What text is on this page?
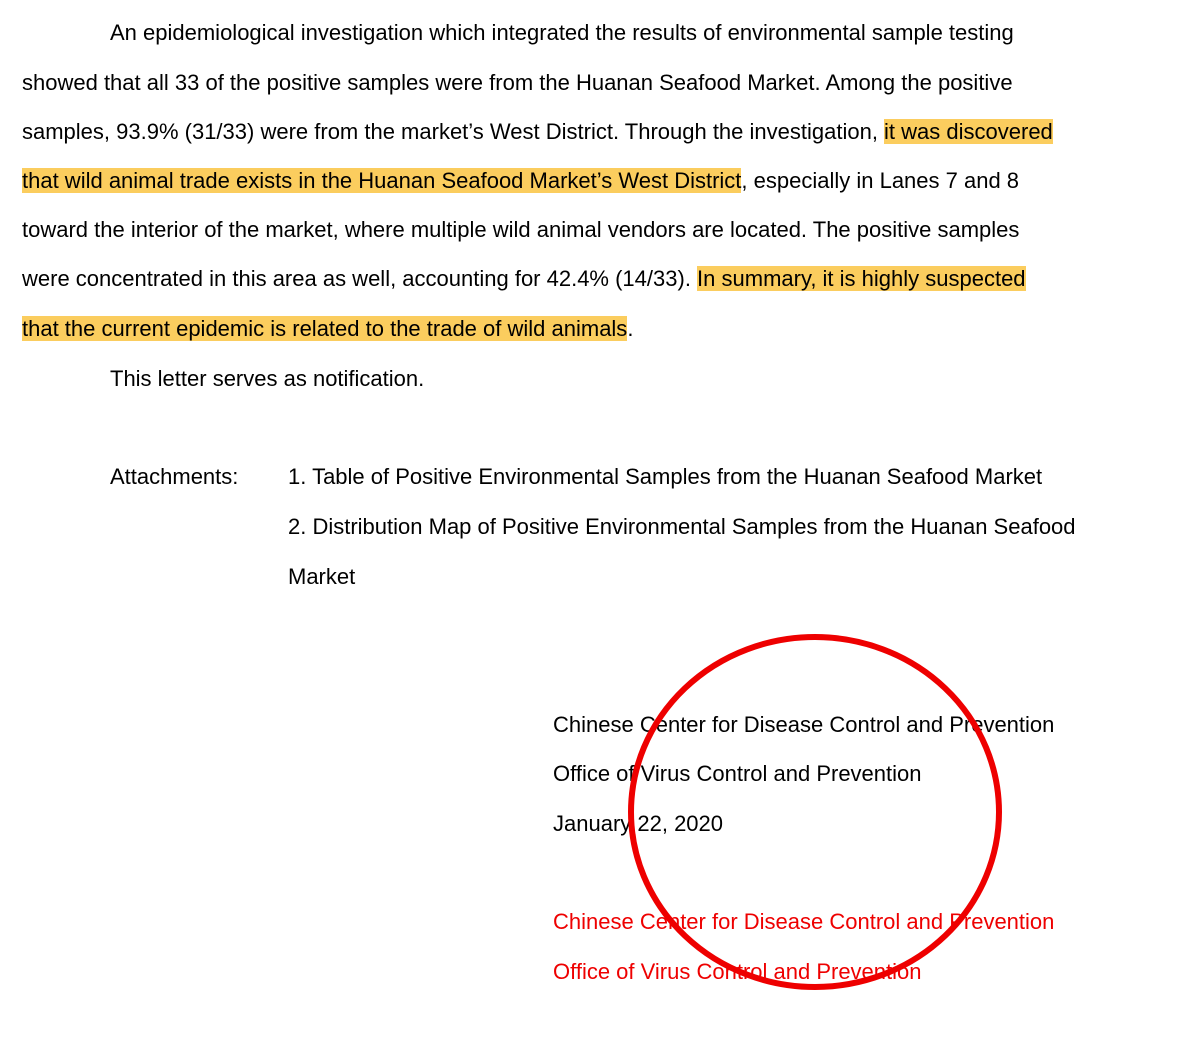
An epidemiological investigation which integrated the results of environmental sample testing
showed that all 33 of the positive samples were from the Huanan Seafood Market. Among the positive
samples, 93.9% (31/33) were from the market’s West District. Through the investigation, it was discovered
that wild animal trade exists in the Huanan Seafood Market’s West District, especially in Lanes 7 and 8
toward the interior of the market, where multiple wild animal vendors are located. The positive samples
were concentrated in this area as well, accounting for 42.4% (14/33). In summary, it is highly suspected
that the current epidemic is related to the trade of wild animals.
This letter serves as notification.
Attachments: 1. Table of Positive Environmental Samples from the Huanan Seafood Market
2. Distribution Map of Positive Environmental Samples from the Huanan Seafood
Market
Chinese Center for Disease Control and Prevention
Office of Virus Control and Prevention
January 22, 2020
Chinese Center for Disease Control and Prevention
Office of Virus Control and Prevention
